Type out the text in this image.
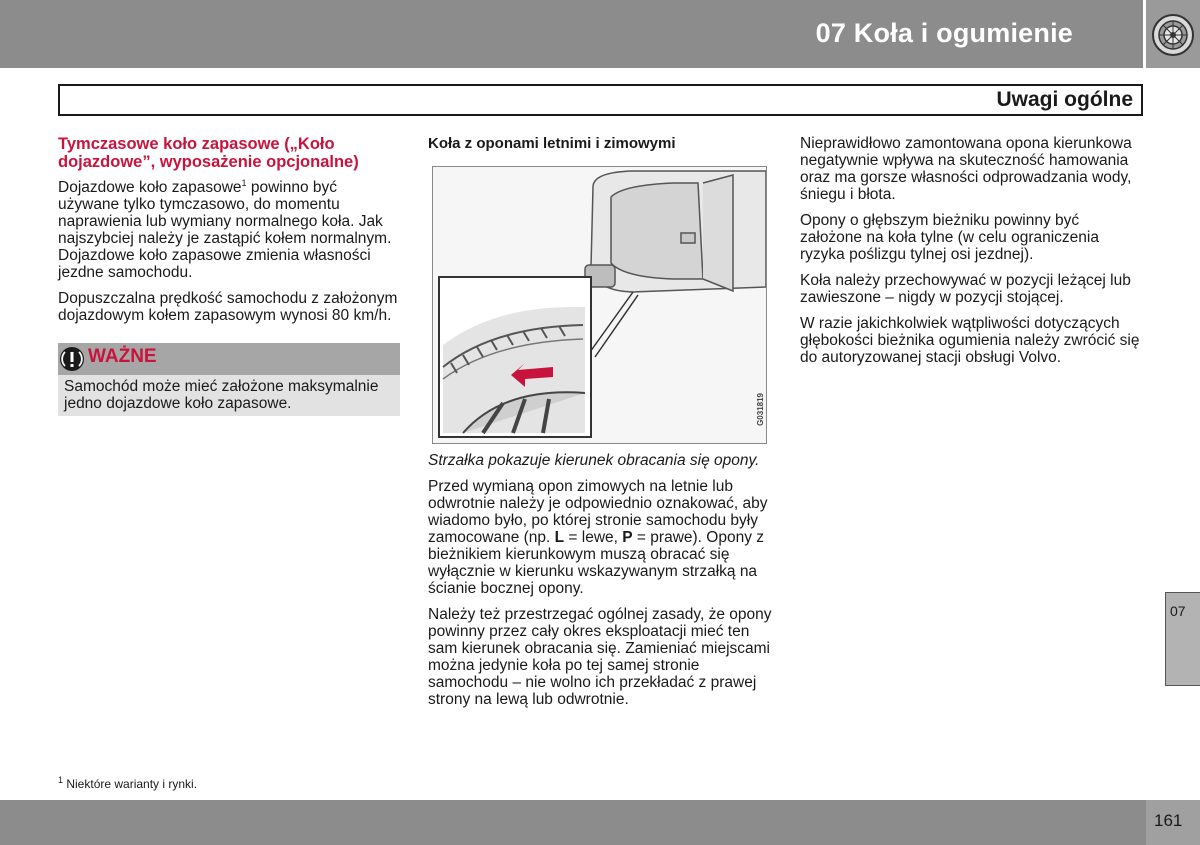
07 Koła i ogumienie
Uwagi ogólne
Tymczasowe koło zapasowe („Koło dojazdowe”, wyposażenie opcjonalne)

Dojazdowe koło zapasowe$^1$ powinno być używane tylko tymczasowo, do momentu naprawienia lub wymiany normalnego koła. Jak najszybciej należy je zastąpić kołem normalnym. Dojazdowe koło zapasowe zmienia własności jezdne samochodu.

Dopuszczalna prędkość samochodu z założonym dojazdowym kołem zapasowym wynosi 80 km/h.

WAŻNE
Samochód może mieć założone maksymalnie jedno dojazdowe koło zapasowe.
Koła z oponami letnimi i zimowymi
G031819

Strzałka pokazuje kierunek obracania się opony.

Przed wymianą opon zimowych na letnie lub odwrotnie należy je odpowiednio oznakować, aby wiadomo było, po której stronie samochodu były zamocowane (np. L = lewe, P = prawe). Opony z bieżnikiem kierunkowym muszą obracać się wyłącznie w kierunku wskazywanym strzałką na ścianie bocznej opony.

Należy też przestrzegać ogólnej zasady, że opony powinny przez cały okres eksploatacji mieć ten sam kierunek obracania się. Zamieniać miejscami można jedynie koła po tej samej stronie samochodu – nie wolno ich przekładać z prawej strony na lewą lub odwrotnie.

Nieprawidłowo zamontowana opona kierunkowa negatywnie wpływa na skuteczność hamowania oraz ma gorsze własności odprowadzania wody, śniegu i błota.

Opony o głębszym bieżniku powinny być założone na koła tylne (w celu ograniczenia ryzyka poślizgu tylnej osi jezdnej).

Koła należy przechowywać w pozycji leżącej lub zawieszone – nigdy w pozycji stojącej.

W razie jakichkolwiek wątpliwości dotyczących głębokości bieżnika ogumienia należy zwrócić się do autoryzowanej stacji obsługi Volvo.

07
$^1$ Niektóre warianty i rynki.
161
